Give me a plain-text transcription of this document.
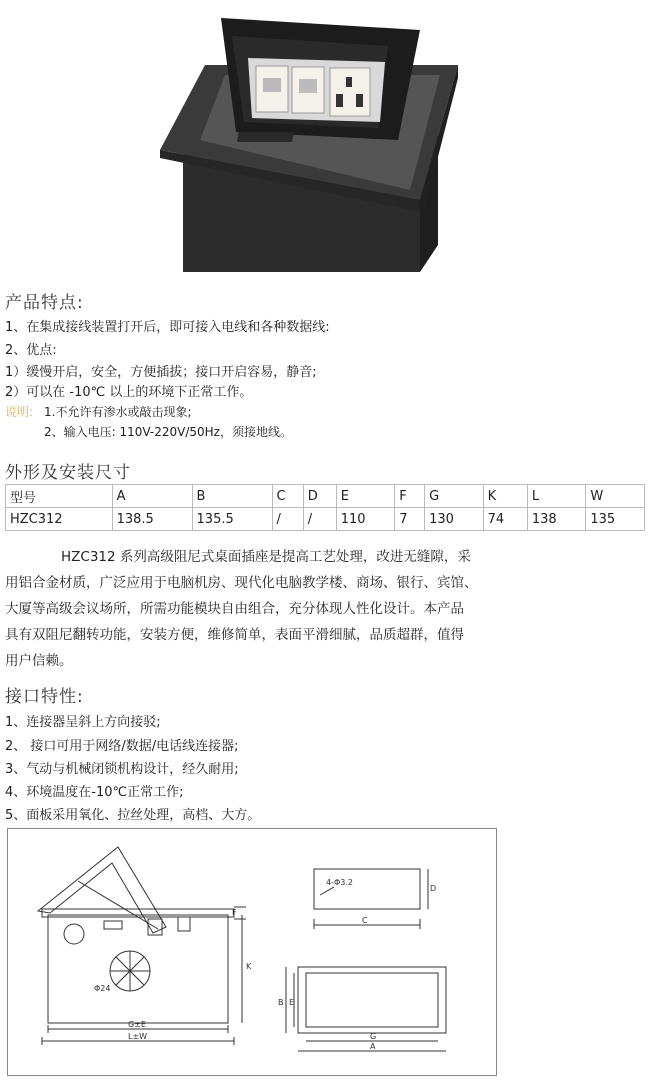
产品特点:
1、在集成接线装置打开后，即可接入电线和各种数据线:
2、优点:
1）缓慢开启，安全，方便插拔；接口开启容易，静音;
2）可以在 -10℃ 以上的环境下正常工作。
说明: 1.不允许有渗水或敲击现象;
2、输入电压: 110V-220V/50Hz，须接地线。
外形及安装尺寸
型号	A	B	C	D	E	F	G	K	L	W
HZC312	138.5	135.5	/	/	110	7	130	74	138	135
HZC312 系列高级阻尼式桌面插座是提高工艺处理，改进无缝隙，采
用铝合金材质，广泛应用于电脑机房、现代化电脑教学楼、商场、银行、宾馆、
大厦等高级会议场所，所需功能模块自由组合，充分体现人性化设计。本产品
具有双阻尼翻转功能，安装方便，维修简单，表面平滑细腻，品质超群，值得
用户信赖。
接口特性:
1、连接器呈斜上方向接驳;
2、 接口可用于网络/数据/电话线连接器;
3、气动与机械闭锁机构设计，经久耐用;
4、环境温度在-10℃正常工作;
5、面板采用氧化、拉丝处理，高档、大方。
F
K
Φ24
G±E
L±W
4-Φ3.2
D
C
B E
G
A
